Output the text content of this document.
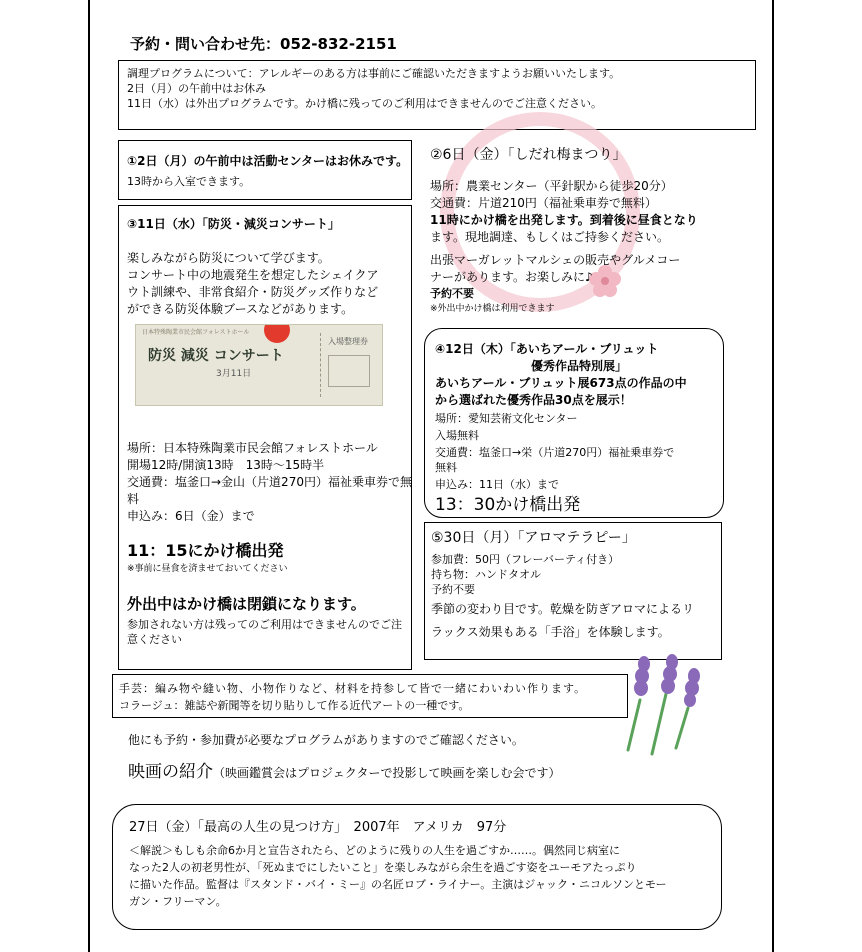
予約・問い合わせ先：052-832-2151
調理プログラムについて：アレルギーのある方は事前にご確認いただきますようお願いいたします。
2日（月）の午前中はお休み
11日（水）は外出プログラムです。かけ橋に残ってのご利用はできませんのでご注意ください。
①2日（月）の午前中は活動センターはお休みです。
13時から入室できます。
③11日（水）「防災・減災コンサート」
楽しみながら防災について学びます。
コンサート中の地震発生を想定したシェイクア
ウト訓練や、非常食紹介・防災グッズ作りなど
ができる防災体験ブースなどがあります。
日本特殊陶業市民会館フォレストホール
防災 減災 コンサート
3月11日
入場整理券
場所：日本特殊陶業市民会館フォレストホール
開場12時/開演13時　13時～15時半
交通費：塩釜口→金山（片道270円）福祉乗車券で無
料
申込み：6日（金）まで
11：15にかけ橋出発
※事前に昼食を済ませておいてください
外出中はかけ橋は閉鎖になります。
参加されない方は残ってのご利用はできませんのでご注
意ください
②6日（金）「しだれ梅まつり」
場所：農業センター（平針駅から徒歩20分）
交通費：片道210円（福祉乗車券で無料）
11時にかけ橋を出発します。到着後に昼食となり
ます。現地調達、もしくはご持参ください。
出張マーガレットマルシェの販売やグルメコー
ナーがあります。お楽しみに♪
予約不要
※外出中かけ橋は利用できます
④12日（木）「あいちアール・ブリュット
優秀作品特別展」
あいちアール・ブリュット展673点の作品の中
から選ばれた優秀作品30点を展示！
場所：愛知芸術文化センター
入場無料
交通費：塩釜口→栄（片道270円）福祉乗車券で
無料
申込み：11日（水）まで
13：30かけ橋出発
⑤30日（月）「アロマテラピー」
参加費：50円（フレーバーティ付き）
持ち物：ハンドタオル
予約不要
季節の変わり目です。乾燥を防ぎアロマによるリ
ラックス効果もある「手浴」を体験します。
手芸：編み物や縫い物、小物作りなど、材料を持参して皆で一緒にわいわい作ります。
コラージュ：雑誌や新聞等を切り貼りして作る近代アートの一種です。
他にも予約・参加費が必要なプログラムがありますのでご確認ください。
映画の紹介（映画鑑賞会はプロジェクターで投影して映画を楽しむ会です）
27日（金）「最高の人生の見つけ方」　2007年　アメリカ　97分
＜解説＞もしも余命6か月と宣告されたら、どのように残りの人生を過ごすか……。偶然同じ病室に
なった2人の初老男性が、「死ぬまでにしたいこと」を楽しみながら余生を過ごす姿をユーモアたっぷり
に描いた作品。監督は『スタンド・バイ・ミー』の名匠ロブ・ライナー。主演はジャック・ニコルソンとモー
ガン・フリーマン。
